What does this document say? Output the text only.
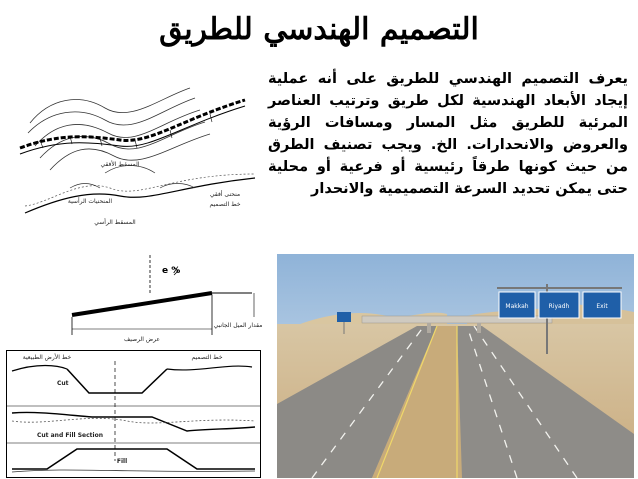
التصميم الهندسي للطريق
يعرف التصميم الهندسي للطريق على أنه عملية إيجاد الأبعاد الهندسية لكل طريق وترتيب العناصر المرئية للطريق مثل المسار ومسافات الرؤية والعروض والانحدارات. الخ. ويجب تصنيف الطرق من حيث كونها طرقاً رئيسية أو فرعية أو محلية حتى يمكن تحديد السرعة التصميمية والانحدار
المسقط الأفقي
المنحنيات الرأسية
المسقط الرأسي
منحنى أفقي
خط التصميم
e %
عرض الرصيف
مقدار الميل الجانبي
خط الأرض الطبيعية	خط التصميم
Cut
Cut and Fill Section
Fill
Makkah	Riyadh	Exit
